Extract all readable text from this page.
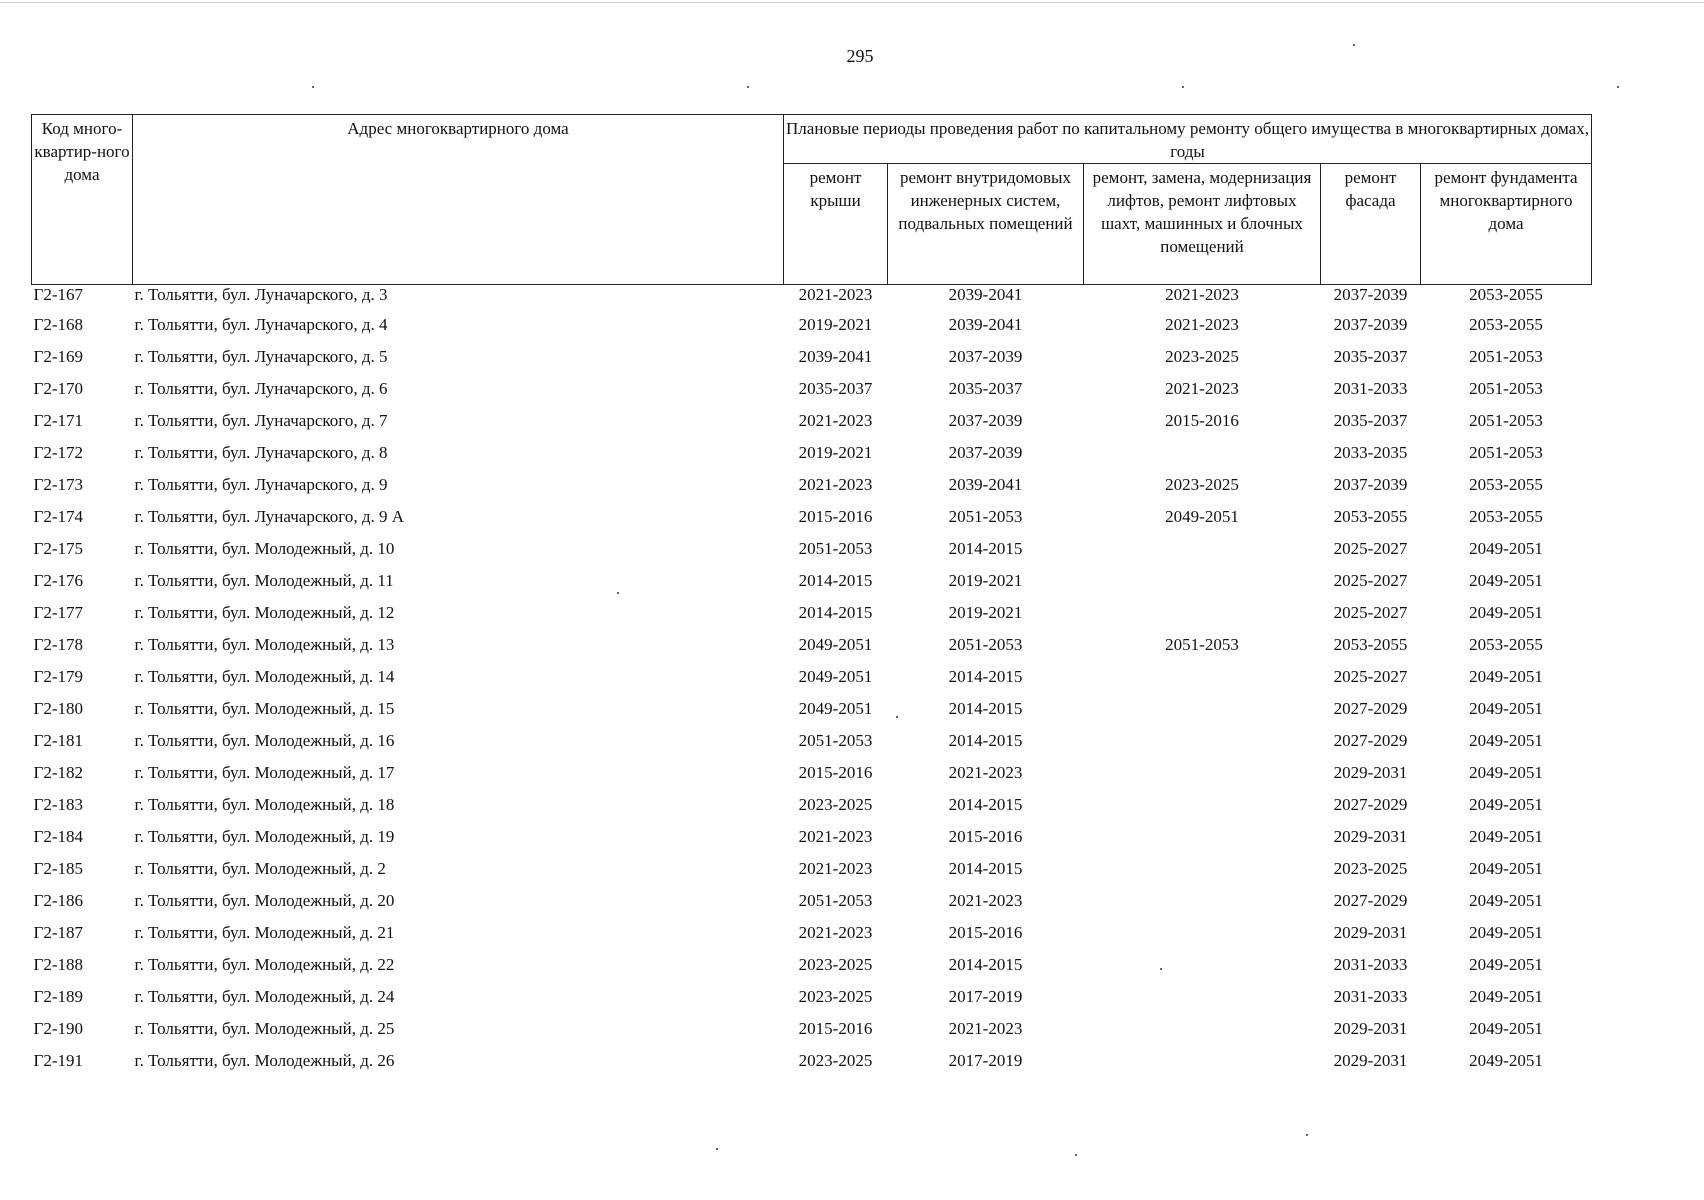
295
Код много-квартир-ного дома	Адрес многоквартирного дома	Плановые периоды проведения работ по капитальному ремонту общего имущества в многоквартирных домах, годы				
		ремонт крыши	ремонт внутридомовых инженерных систем, подвальных помещений	ремонт, замена, модернизация лифтов, ремонт лифтовых шахт, машинных и блочных помещений	ремонт фасада	ремонт фундамента многоквартирного дома
Г2-167	г. Тольятти, бул. Луначарского, д. 3	2021-2023	2039-2041	2021-2023	2037-2039	2053-2055
Г2-168	г. Тольятти, бул. Луначарского, д. 4	2019-2021	2039-2041	2021-2023	2037-2039	2053-2055
Г2-169	г. Тольятти, бул. Луначарского, д. 5	2039-2041	2037-2039	2023-2025	2035-2037	2051-2053
Г2-170	г. Тольятти, бул. Луначарского, д. 6	2035-2037	2035-2037	2021-2023	2031-2033	2051-2053
Г2-171	г. Тольятти, бул. Луначарского, д. 7	2021-2023	2037-2039	2015-2016	2035-2037	2051-2053
Г2-172	г. Тольятти, бул. Луначарского, д. 8	2019-2021	2037-2039		2033-2035	2051-2053
Г2-173	г. Тольятти, бул. Луначарского, д. 9	2021-2023	2039-2041	2023-2025	2037-2039	2053-2055
Г2-174	г. Тольятти, бул. Луначарского, д. 9 А	2015-2016	2051-2053	2049-2051	2053-2055	2053-2055
Г2-175	г. Тольятти, бул. Молодежный, д. 10	2051-2053	2014-2015		2025-2027	2049-2051
Г2-176	г. Тольятти, бул. Молодежный, д. 11	2014-2015	2019-2021		2025-2027	2049-2051
Г2-177	г. Тольятти, бул. Молодежный, д. 12	2014-2015	2019-2021		2025-2027	2049-2051
Г2-178	г. Тольятти, бул. Молодежный, д. 13	2049-2051	2051-2053	2051-2053	2053-2055	2053-2055
Г2-179	г. Тольятти, бул. Молодежный, д. 14	2049-2051	2014-2015		2025-2027	2049-2051
Г2-180	г. Тольятти, бул. Молодежный, д. 15	2049-2051	2014-2015		2027-2029	2049-2051
Г2-181	г. Тольятти, бул. Молодежный, д. 16	2051-2053	2014-2015		2027-2029	2049-2051
Г2-182	г. Тольятти, бул. Молодежный, д. 17	2015-2016	2021-2023		2029-2031	2049-2051
Г2-183	г. Тольятти, бул. Молодежный, д. 18	2023-2025	2014-2015		2027-2029	2049-2051
Г2-184	г. Тольятти, бул. Молодежный, д. 19	2021-2023	2015-2016		2029-2031	2049-2051
Г2-185	г. Тольятти, бул. Молодежный, д. 2	2021-2023	2014-2015		2023-2025	2049-2051
Г2-186	г. Тольятти, бул. Молодежный, д. 20	2051-2053	2021-2023		2027-2029	2049-2051
Г2-187	г. Тольятти, бул. Молодежный, д. 21	2021-2023	2015-2016		2029-2031	2049-2051
Г2-188	г. Тольятти, бул. Молодежный, д. 22	2023-2025	2014-2015		2031-2033	2049-2051
Г2-189	г. Тольятти, бул. Молодежный, д. 24	2023-2025	2017-2019		2031-2033	2049-2051
Г2-190	г. Тольятти, бул. Молодежный, д. 25	2015-2016	2021-2023		2029-2031	2049-2051
Г2-191	г. Тольятти, бул. Молодежный, д. 26	2023-2025	2017-2019		2029-2031	2049-2051
